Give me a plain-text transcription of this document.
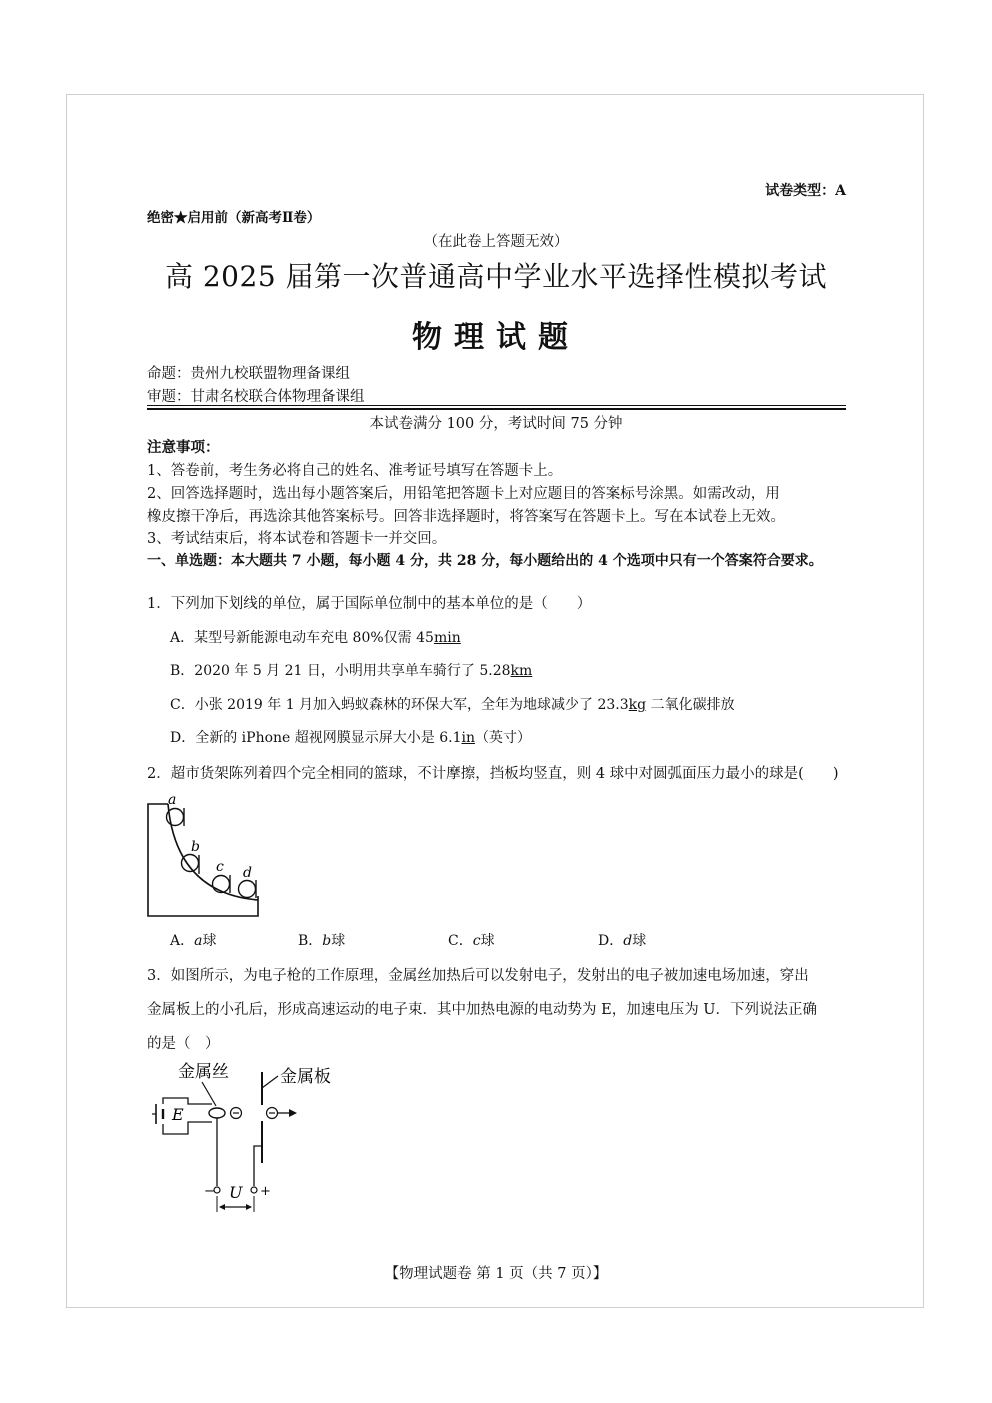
试卷类型：A
绝密★启用前（新高考Ⅱ卷）
（在此卷上答题无效）
高 2025 届第一次普通高中学业水平选择性模拟考试
物理试题
命题：贵州九校联盟物理备课组
审题：甘肃名校联合体物理备课组
本试卷满分 100 分，考试时间 75 分钟
注意事项：
1、答卷前，考生务必将自己的姓名、准考证号填写在答题卡上。
2、回答选择题时，选出每小题答案后，用铅笔把答题卡上对应题目的答案标号涂黑。如需改动，用
橡皮擦干净后，再选涂其他答案标号。回答非选择题时，将答案写在答题卡上。写在本试卷上无效。
3、考试结束后，将本试卷和答题卡一并交回。
一、单选题：本大题共 7 小题，每小题 4 分，共 28 分，每小题给出的 4 个选项中只有一个答案符合要求。
1．下列加下划线的单位，属于国际单位制中的基本单位的是（　　）
A．某型号新能源电动车充电 80%仅需 45min
B．2020 年 5 月 21 日，小明用共享单车骑行了 5.28km
C．小张 2019 年 1 月加入蚂蚁森林的环保大军，全年为地球减少了 23.3kg 二氧化碳排放
D．全新的 iPhone 超视网膜显示屏大小是 6.1in（英寸）
2．超市货架陈列着四个完全相同的篮球，不计摩擦，挡板均竖直，则 4 球中对圆弧面压力最小的球是(　　)
a
b
c d
A．a球	B．b球	C．c球	D．d球
3．如图所示，为电子枪的工作原理，金属丝加热后可以发射电子，发射出的电子被加速电场加速，穿出
金属板上的小孔后，形成高速运动的电子束．其中加热电源的电动势为 E，加速电压为 U．下列说法正确
的是（　）
金属丝	金属板
E
−	+
U
【物理试题卷 第 1 页（共 7 页）】
